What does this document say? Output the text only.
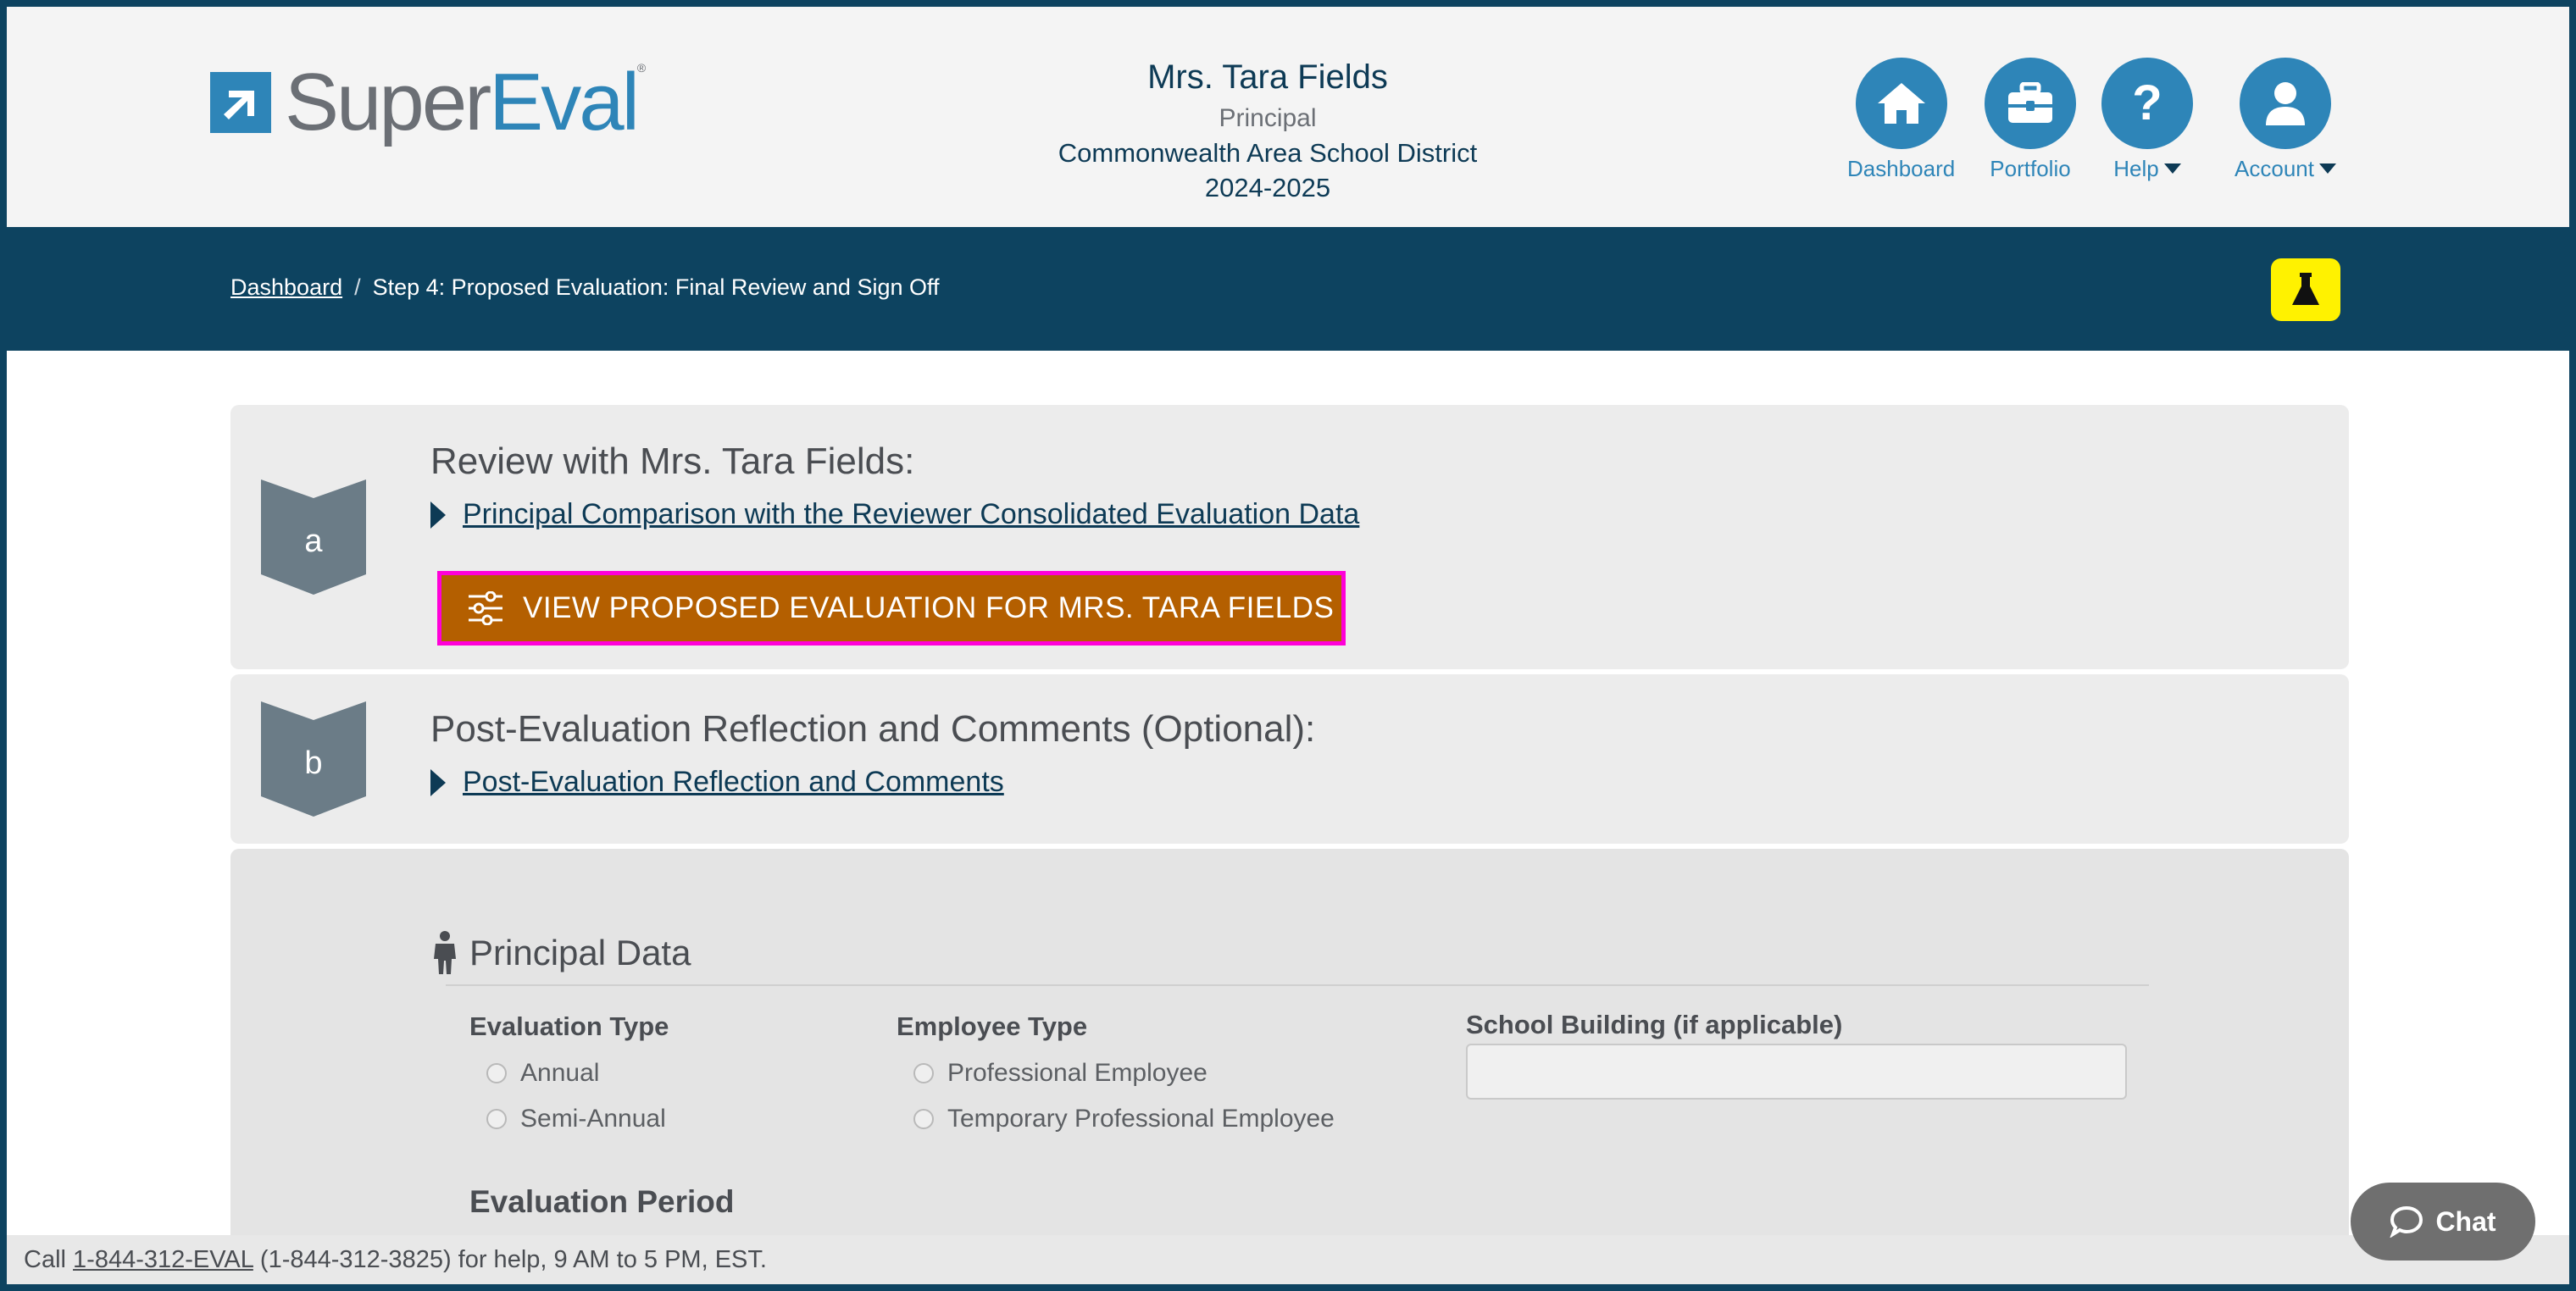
SuperEval®	Mrs. Tara Fields
Principal
Commonwealth Area School District
2024-2025
Dashboard Portfolio
?
Help	Account
Dashboard / Step 4: Proposed Evaluation: Final Review and Sign Off
a
Review with Mrs. Tara Fields:
Principal Comparison with the Reviewer Consolidated Evaluation Data
VIEW PROPOSED EVALUATION FOR MRS. TARA FIELDS
b
Post-Evaluation Reflection and Comments (Optional):
Post-Evaluation Reflection and Comments
Principal Data
Evaluation Type
Annual
Semi-Annual
Employee Type
Professional Employee
Temporary Professional Employee
School Building (if applicable)
Evaluation Period
Call 1-844-312-EVAL (1-844-312-3825) for help, 9 AM to 5 PM, EST.
Chat
